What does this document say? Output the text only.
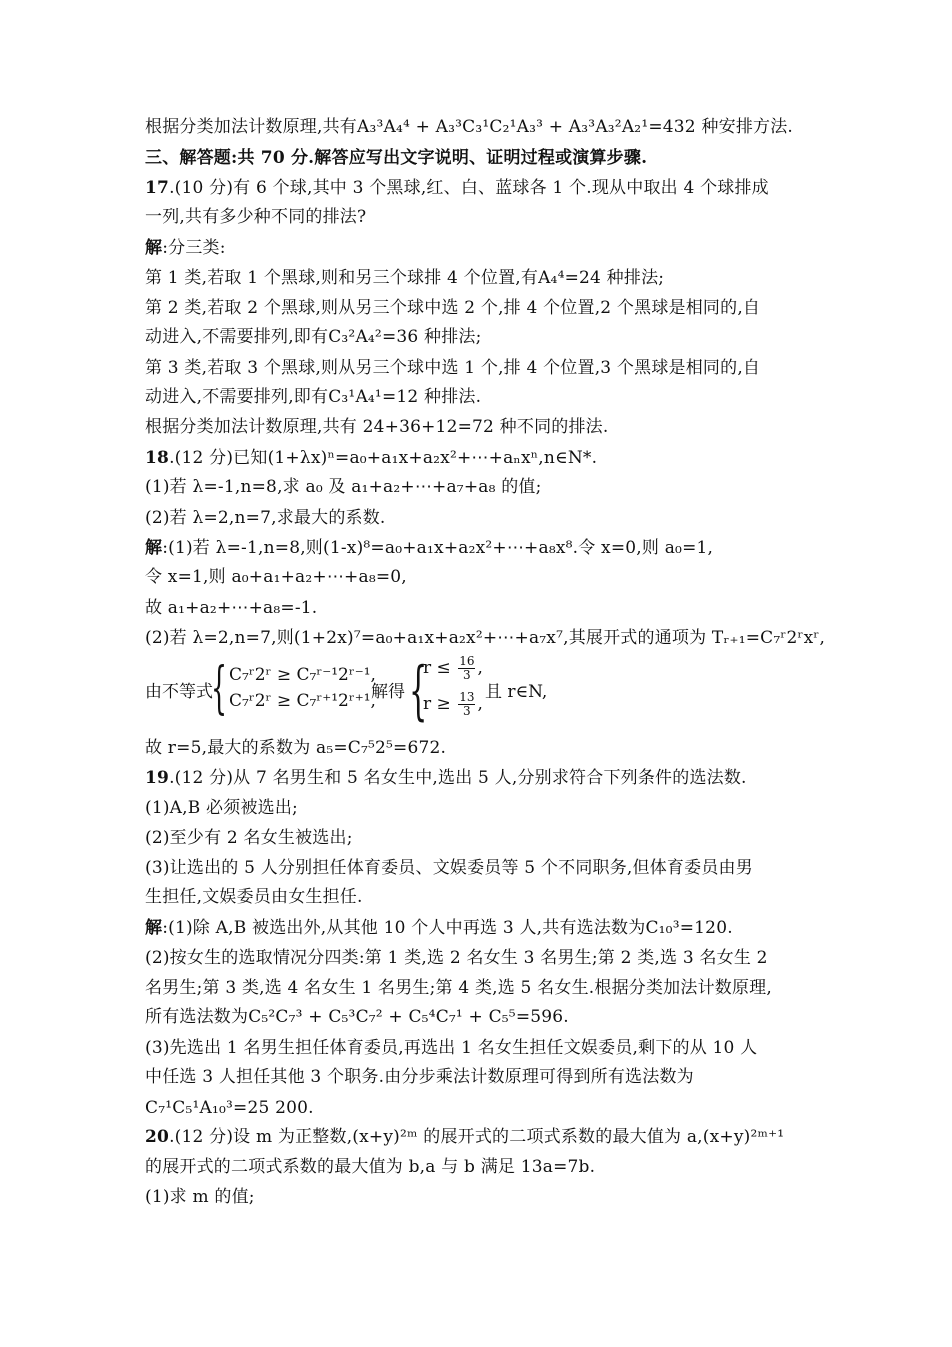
根据分类加法计数原理,共有A₃³A₄⁴ + A₃³C₃¹C₂¹A₃³ + A₃³A₃²A₂¹=432 种安排方法.
三、解答题:共 70 分.解答应写出文字说明、证明过程或演算步骤.
17.(10 分)有 6 个球,其中 3 个黑球,红、白、蓝球各 1 个.现从中取出 4 个球排成
一列,共有多少种不同的排法?
解:分三类:
第 1 类,若取 1 个黑球,则和另三个球排 4 个位置,有A₄⁴=24 种排法;
第 2 类,若取 2 个黑球,则从另三个球中选 2 个,排 4 个位置,2 个黑球是相同的,自
动进入,不需要排列,即有C₃²A₄²=36 种排法;
第 3 类,若取 3 个黑球,则从另三个球中选 1 个,排 4 个位置,3 个黑球是相同的,自
动进入,不需要排列,即有C₃¹A₄¹=12 种排法.
根据分类加法计数原理,共有 24+36+12=72 种不同的排法.
18.(12 分)已知(1+λx)ⁿ=a₀+a₁x+a₂x²+⋯+aₙxⁿ,n∈N*.
(1)若 λ=-1,n=8,求 a₀ 及 a₁+a₂+⋯+a₇+a₈ 的值;
(2)若 λ=2,n=7,求最大的系数.
解:(1)若 λ=-1,n=8,则(1-x)⁸=a₀+a₁x+a₂x²+⋯+a₈x⁸.令 x=0,则 a₀=1,
令 x=1,则 a₀+a₁+a₂+⋯+a₈=0,
故 a₁+a₂+⋯+a₈=-1.
(2)若 λ=2,n=7,则(1+2x)⁷=a₀+a₁x+a₂x²+⋯+a₇x⁷,其展开式的通项为 Tᵣ₊₁=C₇ʳ2ʳxʳ,
由不等式
{ C₇ʳ2ʳ ≥ C₇ʳ⁻¹2ʳ⁻¹,
C₇ʳ2ʳ ≥ C₇ʳ⁺¹2ʳ⁺¹,
解得 {
$r \le \frac{16}{3}$ ,
$r \ge \frac{13}{3}$ ,
且 r∈N,
故 r=5,最大的系数为 a₅=C₇⁵2⁵=672.
19.(12 分)从 7 名男生和 5 名女生中,选出 5 人,分别求符合下列条件的选法数.
(1)A,B 必须被选出;
(2)至少有 2 名女生被选出;
(3)让选出的 5 人分别担任体育委员、文娱委员等 5 个不同职务,但体育委员由男
生担任,文娱委员由女生担任.
解:(1)除 A,B 被选出外,从其他 10 个人中再选 3 人,共有选法数为C₁₀³=120.
(2)按女生的选取情况分四类:第 1 类,选 2 名女生 3 名男生;第 2 类,选 3 名女生 2
名男生;第 3 类,选 4 名女生 1 名男生;第 4 类,选 5 名女生.根据分类加法计数原理,
所有选法数为C₅²C₇³ + C₅³C₇² + C₅⁴C₇¹ + C₅⁵=596.
(3)先选出 1 名男生担任体育委员,再选出 1 名女生担任文娱委员,剩下的从 10 人
中任选 3 人担任其他 3 个职务.由分步乘法计数原理可得到所有选法数为
C₇¹C₅¹A₁₀³=25 200.
20.(12 分)设 m 为正整数,(x+y)²ᵐ 的展开式的二项式系数的最大值为 a,(x+y)²ᵐ⁺¹
的展开式的二项式系数的最大值为 b,a 与 b 满足 13a=7b.
(1)求 m 的值;
